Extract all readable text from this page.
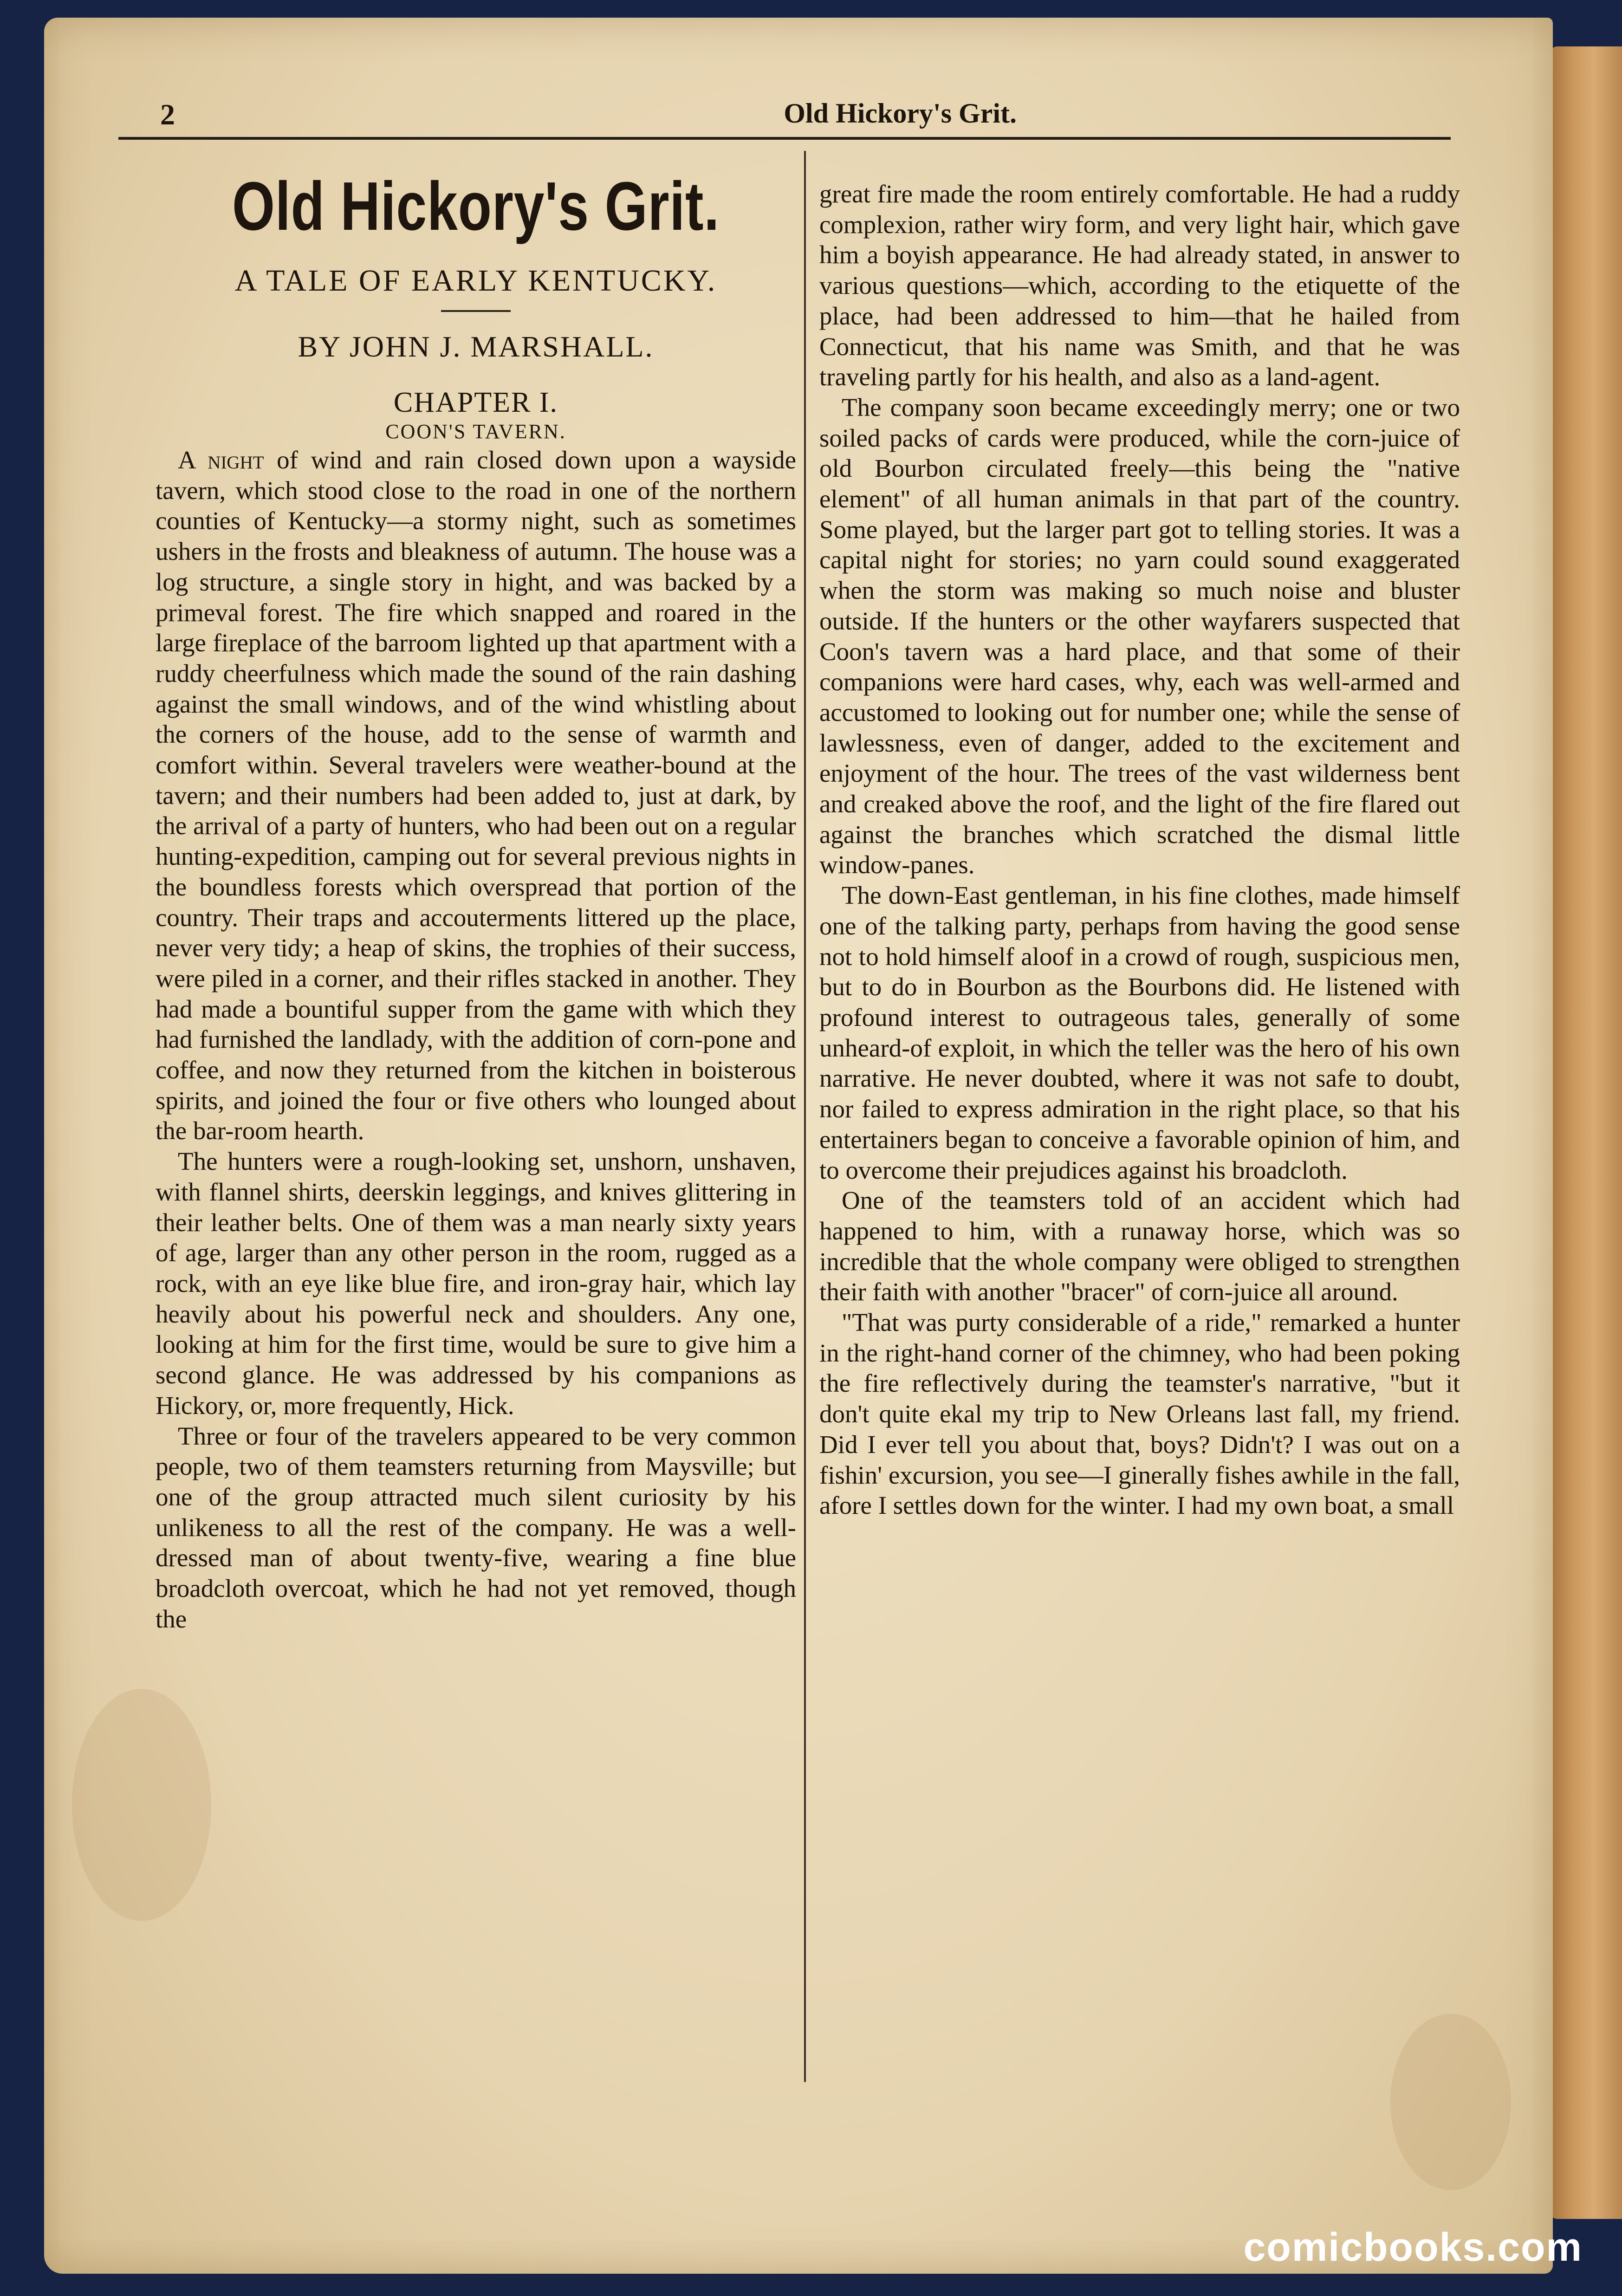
2	Old Hickory's Grit.
Old Hickory's Grit.
A TALE OF EARLY KENTUCKY.
BY JOHN J. MARSHALL.
CHAPTER I.
COON'S TAVERN.

A night of wind and rain closed down upon a wayside tavern, which stood close to the road in one of the northern counties of Kentucky—a stormy night, such as sometimes ushers in the frosts and bleakness of autumn. The house was a log structure, a single story in hight, and was backed by a primeval forest. The fire which snapped and roared in the large fireplace of the barroom lighted up that apartment with a ruddy cheerfulness which made the sound of the rain dashing against the small windows, and of the wind whistling about the corners of the house, add to the sense of warmth and comfort within. Several travelers were weather-bound at the tavern; and their numbers had been added to, just at dark, by the arrival of a party of hunters, who had been out on a regular hunting-expedition, camping out for several previous nights in the boundless forests which overspread that portion of the country. Their traps and accouterments littered up the place, never very tidy; a heap of skins, the trophies of their success, were piled in a corner, and their rifles stacked in another. They had made a bountiful supper from the game with which they had furnished the landlady, with the addition of corn-pone and coffee, and now they returned from the kitchen in boisterous spirits, and joined the four or five others who lounged about the bar-room hearth.

The hunters were a rough-looking set, unshorn, unshaven, with flannel shirts, deerskin leggings, and knives glittering in their leather belts. One of them was a man nearly sixty years of age, larger than any other person in the room, rugged as a rock, with an eye like blue fire, and iron-gray hair, which lay heavily about his powerful neck and shoulders. Any one, looking at him for the first time, would be sure to give him a second glance. He was addressed by his companions as Hickory, or, more frequently, Hick.

Three or four of the travelers appeared to be very common people, two of them teamsters returning from Maysville; but one of the group attracted much silent curiosity by his unlikeness to all the rest of the company. He was a well-dressed man of about twenty-five, wearing a fine blue broadcloth overcoat, which he had not yet removed, though the

great fire made the room entirely comfortable. He had a ruddy complexion, rather wiry form, and very light hair, which gave him a boyish appearance. He had already stated, in answer to various questions—which, according to the etiquette of the place, had been addressed to him—that he hailed from Connecticut, that his name was Smith, and that he was traveling partly for his health, and also as a land-agent.

The company soon became exceedingly merry; one or two soiled packs of cards were produced, while the corn-juice of old Bourbon circulated freely—this being the "native element" of all human animals in that part of the country. Some played, but the larger part got to telling stories. It was a capital night for stories; no yarn could sound exaggerated when the storm was making so much noise and bluster outside. If the hunters or the other wayfarers suspected that Coon's tavern was a hard place, and that some of their companions were hard cases, why, each was well-armed and accustomed to looking out for number one; while the sense of lawlessness, even of danger, added to the excitement and enjoyment of the hour. The trees of the vast wilderness bent and creaked above the roof, and the light of the fire flared out against the branches which scratched the dismal little window-panes.

The down-East gentleman, in his fine clothes, made himself one of the talking party, perhaps from having the good sense not to hold himself aloof in a crowd of rough, suspicious men, but to do in Bourbon as the Bourbons did. He listened with profound interest to outrageous tales, generally of some unheard-of exploit, in which the teller was the hero of his own narrative. He never doubted, where it was not safe to doubt, nor failed to express admiration in the right place, so that his entertainers began to conceive a favorable opinion of him, and to overcome their prejudices against his broadcloth.

One of the teamsters told of an accident which had happened to him, with a runaway horse, which was so incredible that the whole company were obliged to strengthen their faith with another "bracer" of corn-juice all around.

"That was purty considerable of a ride," remarked a hunter in the right-hand corner of the chimney, who had been poking the fire reflectively during the teamster's narrative, "but it don't quite ekal my trip to New Orleans last fall, my friend. Did I ever tell you about that, boys? Didn't? I was out on a fishin' excursion, you see—I ginerally fishes awhile in the fall, afore I settles down for the winter. I had my own boat, a small

comicbooks.com
